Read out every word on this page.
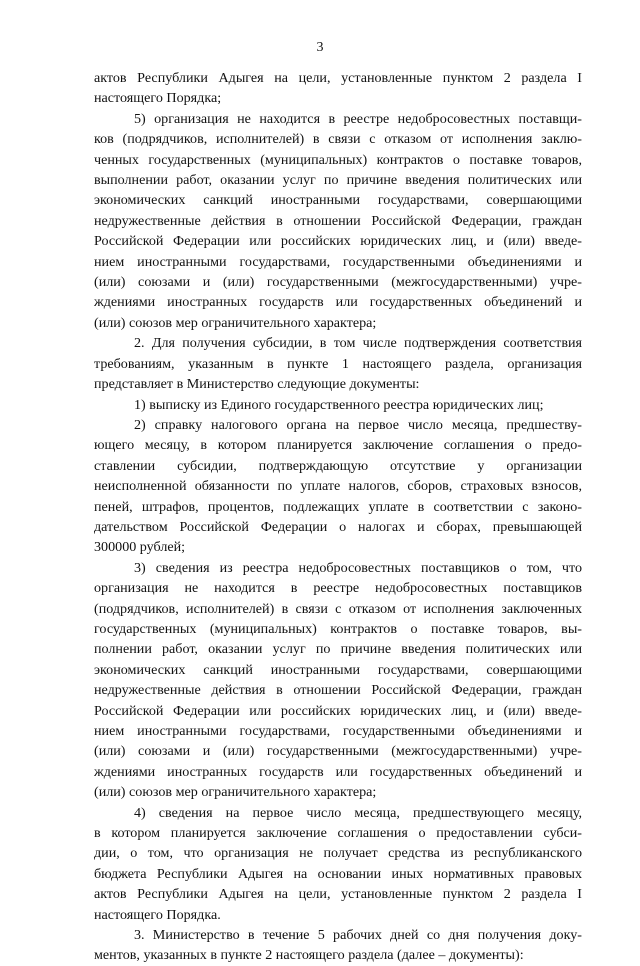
3
актов Республики Адыгея на цели, установленные пунктом 2 раздела I
настоящего Порядка;
5) организация не находится в реестре недобросовестных поставщи-
ков (подрядчиков, исполнителей) в связи с отказом от исполнения заклю-
ченных государственных (муниципальных) контрактов о поставке товаров,
выполнении работ, оказании услуг по причине введения политических или
экономических санкций иностранными государствами, совершающими
недружественные действия в отношении Российской Федерации, граждан
Российской Федерации или российских юридических лиц, и (или) введе-
нием иностранными государствами, государственными объединениями и
(или) союзами и (или) государственными (межгосударственными) учре-
ждениями иностранных государств или государственных объединений и
(или) союзов мер ограничительного характера;
2. Для получения субсидии, в том числе подтверждения соответствия
требованиям, указанным в пункте 1 настоящего раздела, организация
представляет в Министерство следующие документы:
1) выписку из Единого государственного реестра юридических лиц;
2) справку налогового органа на первое число месяца, предшеству-
ющего месяцу, в котором планируется заключение соглашения о предо-
ставлении субсидии, подтверждающую отсутствие у организации
неисполненной обязанности по уплате налогов, сборов, страховых взносов,
пеней, штрафов, процентов, подлежащих уплате в соответствии с законо-
дательством Российской Федерации о налогах и сборах, превышающей
300000 рублей;
3) сведения из реестра недобросовестных поставщиков о том, что
организация не находится в реестре недобросовестных поставщиков
(подрядчиков, исполнителей) в связи с отказом от исполнения заключенных
государственных (муниципальных) контрактов о поставке товаров, вы-
полнении работ, оказании услуг по причине введения политических или
экономических санкций иностранными государствами, совершающими
недружественные действия в отношении Российской Федерации, граждан
Российской Федерации или российских юридических лиц, и (или) введе-
нием иностранными государствами, государственными объединениями и
(или) союзами и (или) государственными (межгосударственными) учре-
ждениями иностранных государств или государственных объединений и
(или) союзов мер ограничительного характера;
4) сведения на первое число месяца, предшествующего месяцу,
в котором планируется заключение соглашения о предоставлении субси-
дии, о том, что организация не получает средства из республиканского
бюджета Республики Адыгея на основании иных нормативных правовых
актов Республики Адыгея на цели, установленные пунктом 2 раздела I
настоящего Порядка.
3. Министерство в течение 5 рабочих дней со дня получения доку-
ментов, указанных в пункте 2 настоящего раздела (далее – документы):
